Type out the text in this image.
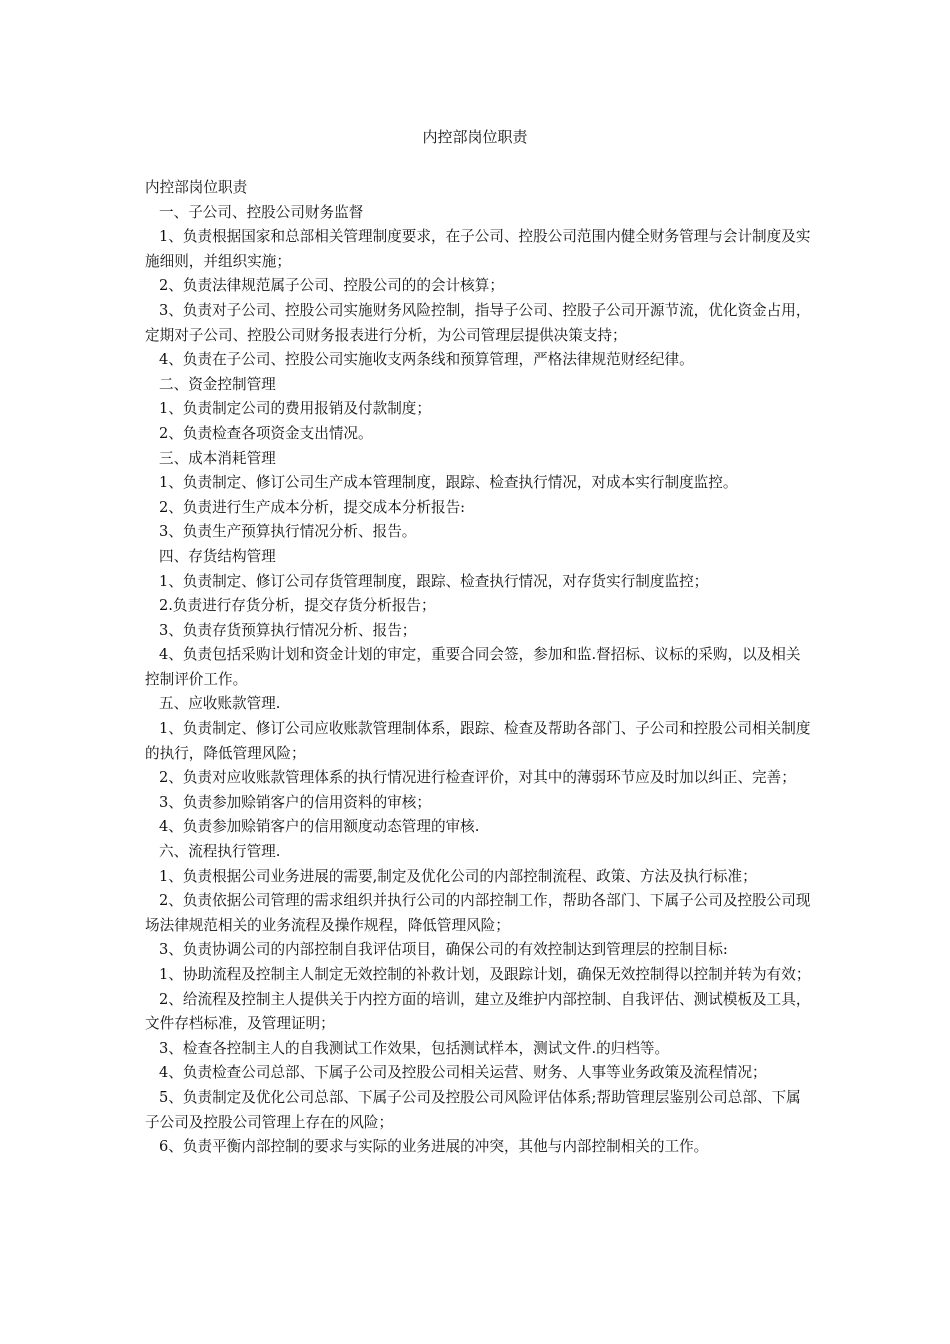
内控部岗位职责

内控部岗位职责

一、子公司、控股公司财务监督

1、负责根据国家和总部相关管理制度要求，在子公司、控股公司范围内健全财务管理与会计制度及实施细则，并组织实施；

2、负责法律规范属子公司、控股公司的的会计核算；

3、负责对子公司、控股公司实施财务风险控制，指导子公司、控股子公司开源节流，优化资金占用，定期对子公司、控股公司财务报表进行分析，为公司管理层提供决策支持；

4、负责在子公司、控股公司实施收支两条线和预算管理，严格法律规范财经纪律。

二、资金控制管理

1、负责制定公司的费用报销及付款制度；

2、负责检查各项资金支出情况。

三、成本消耗管理

1、负责制定、修订公司生产成本管理制度，跟踪、检查执行情况，对成本实行制度监控。

2、负责进行生产成本分析，提交成本分析报告:

3、负责生产预算执行情况分析、报告。

四、存货结构管理

1、负责制定、修订公司存货管理制度，跟踪、检查执行情况，对存货实行制度监控；

2.负责进行存货分析，提交存货分析报告；

3、负责存货预算执行情况分析、报告；

4、负责包括采购计划和资金计划的审定，重要合同会签，参加和监.督招标、议标的采购，以及相关控制评价工作。

五、应收账款管理.

1、负责制定、修订公司应收账款管理制体系，跟踪、检查及帮助各部门、子公司和控股公司相关制度的执行，降低管理风险；

2、负责对应收账款管理体系的执行情况进行检查评价，对其中的薄弱环节应及时加以纠正、完善；

3、负责参加赊销客户的信用资料的审核；

4、负责参加赊销客户的信用额度动态管理的审核.

六、流程执行管理.

1、负责根据公司业务进展的需要,制定及优化公司的内部控制流程、政策、方法及执行标准；

2、负责依据公司管理的需求组织并执行公司的内部控制工作，帮助各部门、下属子公司及控股公司现场法律规范相关的业务流程及操作规程，降低管理风险；

3、负责协调公司的内部控制自我评估项目，确保公司的有效控制达到管理层的控制目标:

1、协助流程及控制主人制定无效控制的补救计划，及跟踪计划，确保无效控制得以控制并转为有效；

2、给流程及控制主人提供关于内控方面的培训，建立及维护内部控制、自我评估、测试模板及工具，文件存档标准，及管理证明；

3、检查各控制主人的自我测试工作效果，包括测试样本，测试文件.的归档等。

4、负责检查公司总部、下属子公司及控股公司相关运营、财务、人事等业务政策及流程情况；

5、负责制定及优化公司总部、下属子公司及控股公司风险评估体系;帮助管理层鉴别公司总部、下属子公司及控股公司管理上存在的风险；

6、负责平衡内部控制的要求与实际的业务进展的冲突，其他与内部控制相关的工作。
